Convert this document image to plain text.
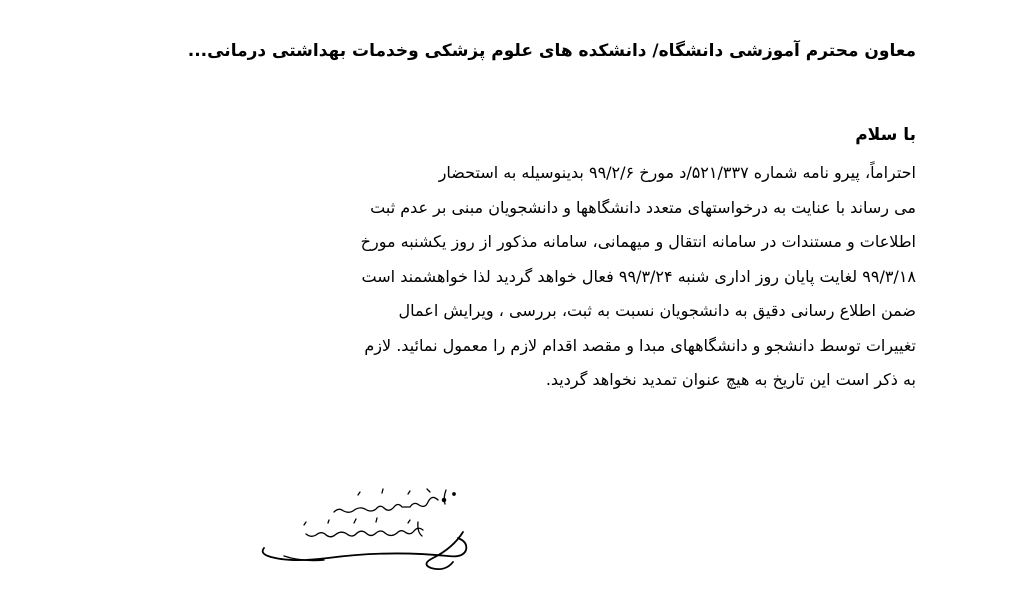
معاون محترم آموزشی دانشگاه/ دانشکده های علوم پزشکی وخدمات بهداشتی درمانی...
با سلام
احتراماً، پیرو نامه شماره ۵۲۱/۳۳۷/د مورخ ۹۹/۲/۶ بدینوسیله به استحضار
می رساند با عنایت به درخواستهای متعدد دانشگاهها و دانشجویان مبنی بر عدم ثبت
اطلاعات و مستندات در سامانه انتقال و میهمانی، سامانه مذکور از روز یکشنبه مورخ
۹۹/۳/۱۸ لغایت پایان روز اداری شنبه ۹۹/۳/۲۴ فعال خواهد گردید لذا خواهشمند است
ضمن اطلاع رسانی دقیق به دانشجویان نسبت به ثبت، بررسی ، ویرایش اعمال
تغییرات توسط دانشجو و دانشگاههای مبدا و مقصد اقدام لازم را معمول نمائید. لازم
به ذکر است این تاریخ به هیچ عنوان تمدید نخواهد گردید.
